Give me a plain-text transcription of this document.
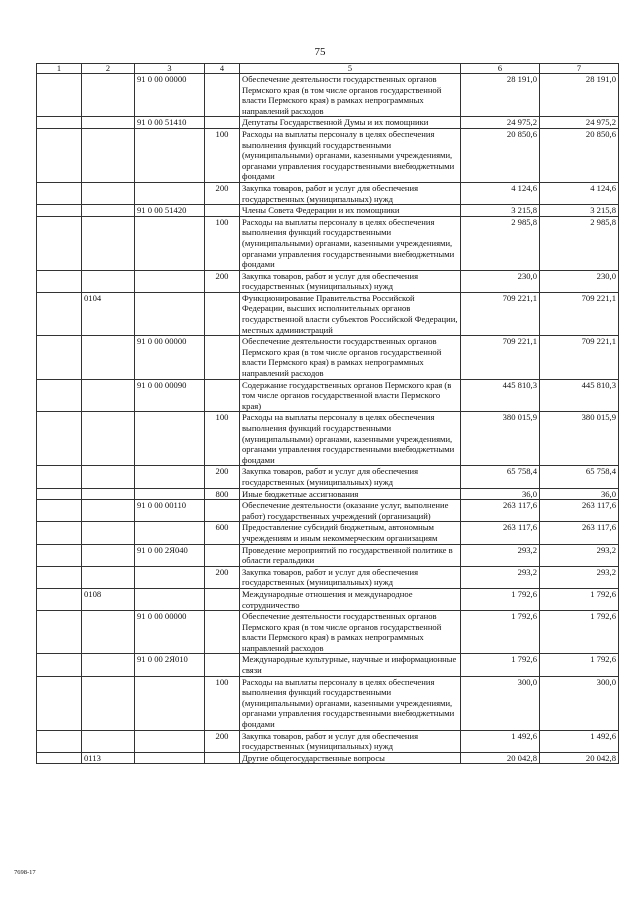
75
1	2	3	4	5	6	7
		91 0 00 00000		Обеспечение деятельности государственных органов Пермского края (в том числе органов государственной власти Пермского края) в рамках непрограммных направлений расходов	28 191,0	28 191,0
		91 0 00 51410		Депутаты Государственной Думы и их помощники	24 975,2	24 975,2
			100	Расходы на выплаты персоналу в целях обеспечения выполнения функций государственными (муниципальными) органами, казенными учреждениями, органами управления государственными внебюджетными фондами	20 850,6	20 850,6
			200	Закупка товаров, работ и услуг для обеспечения государственных (муниципальных) нужд	4 124,6	4 124,6
		91 0 00 51420		Члены Совета Федерации и их помощники	3 215,8	3 215,8
			100	Расходы на выплаты персоналу в целях обеспечения выполнения функций государственными (муниципальными) органами, казенными учреждениями, органами управления государственными внебюджетными фондами	2 985,8	2 985,8
			200	Закупка товаров, работ и услуг для обеспечения государственных (муниципальных) нужд	230,0	230,0
	0104			Функционирование Правительства Российской Федерации, высших исполнительных органов государственной власти субъектов Российской Федерации, местных администраций	709 221,1	709 221,1
		91 0 00 00000		Обеспечение деятельности государственных органов Пермского края (в том числе органов государственной власти Пермского края) в рамках непрограммных направлений расходов	709 221,1	709 221,1
		91 0 00 00090		Содержание государственных органов Пермского края (в том числе органов государственной власти Пермского края)	445 810,3	445 810,3
			100	Расходы на выплаты персоналу в целях обеспечения выполнения функций государственными (муниципальными) органами, казенными учреждениями, органами управления государственными внебюджетными фондами	380 015,9	380 015,9
			200	Закупка товаров, работ и услуг для обеспечения государственных (муниципальных) нужд	65 758,4	65 758,4
			800	Иные бюджетные ассигнования	36,0	36,0
		91 0 00 00110		Обеспечение деятельности (оказание услуг, выполнение работ) государственных учреждений (организаций)	263 117,6	263 117,6
			600	Предоставление субсидий бюджетным, автономным учреждениям и иным некоммерческим организациям	263 117,6	263 117,6
		91 0 00 2Я040		Проведение мероприятий по государственной политике в области геральдики	293,2	293,2
			200	Закупка товаров, работ и услуг для обеспечения государственных (муниципальных) нужд	293,2	293,2
	0108			Международные отношения и международное сотрудничество	1 792,6	1 792,6
		91 0 00 00000		Обеспечение деятельности государственных органов Пермского края (в том числе органов государственной власти Пермского края) в рамках непрограммных направлений расходов	1 792,6	1 792,6
		91 0 00 2Я010		Международные культурные, научные и информационные связи	1 792,6	1 792,6
			100	Расходы на выплаты персоналу в целях обеспечения выполнения функций государственными (муниципальными) органами, казенными учреждениями, органами управления государственными внебюджетными фондами	300,0	300,0
			200	Закупка товаров, работ и услуг для обеспечения государственных (муниципальных) нужд	1 492,6	1 492,6
	0113			Другие общегосударственные вопросы	20 042,8	20 042,8
7698-17
